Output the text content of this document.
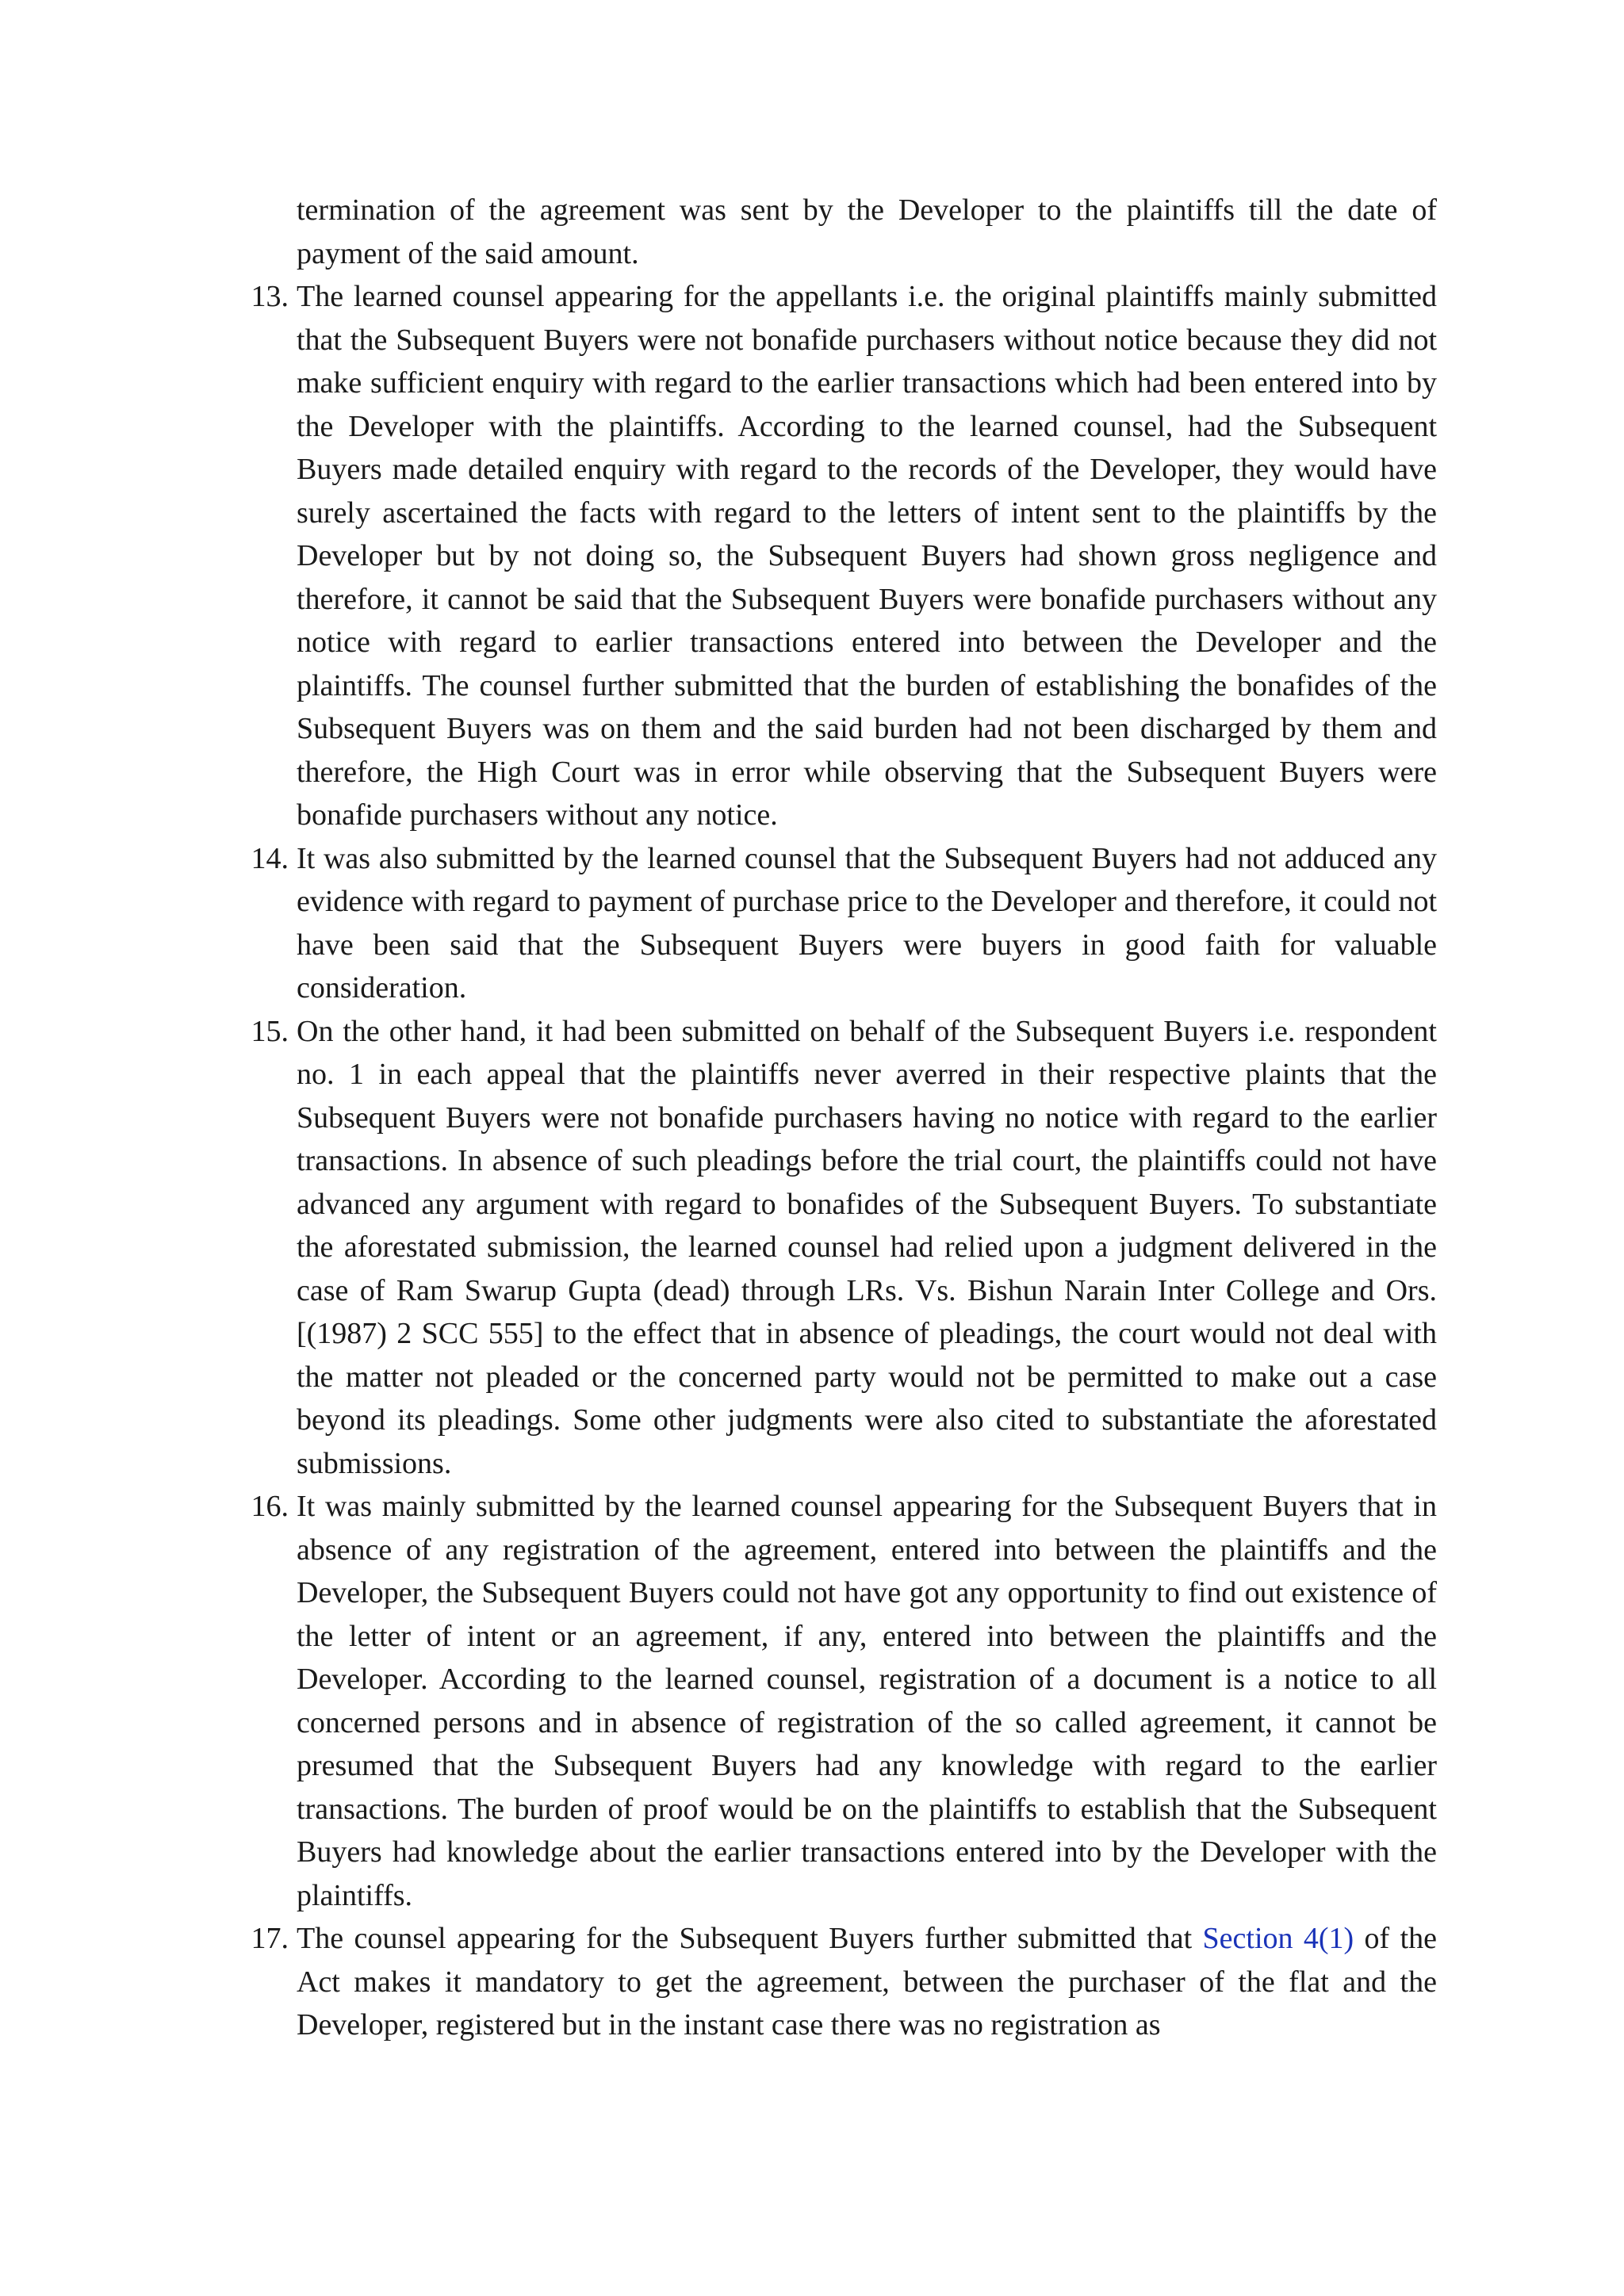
termination of the agreement was sent by the Developer to the plaintiffs till the date of payment of the said amount.

13. The learned counsel appearing for the appellants i.e. the original plaintiffs mainly submitted that the Subsequent Buyers were not bonafide purchasers without notice because they did not make sufficient enquiry with regard to the earlier transactions which had been entered into by the Developer with the plaintiffs. According to the learned counsel, had the Subsequent Buyers made detailed enquiry with regard to the records of the Developer, they would have surely ascertained the facts with regard to the letters of intent sent to the plaintiffs by the Developer but by not doing so, the Subsequent Buyers had shown gross negligence and therefore, it cannot be said that the Subsequent Buyers were bonafide purchasers without any notice with regard to earlier transactions entered into between the Developer and the plaintiffs. The counsel further submitted that the burden of establishing the bonafides of the Subsequent Buyers was on them and the said burden had not been discharged by them and therefore, the High Court was in error while observing that the Subsequent Buyers were bonafide purchasers without any notice.

14. It was also submitted by the learned counsel that the Subsequent Buyers had not adduced any evidence with regard to payment of purchase price to the Developer and therefore, it could not have been said that the Subsequent Buyers were buyers in good faith for valuable consideration.

15. On the other hand, it had been submitted on behalf of the Subsequent Buyers i.e. respondent no. 1 in each appeal that the plaintiffs never averred in their respective plaints that the Subsequent Buyers were not bonafide purchasers having no notice with regard to the earlier transactions. In absence of such pleadings before the trial court, the plaintiffs could not have advanced any argument with regard to bonafides of the Subsequent Buyers. To substantiate the aforestated submission, the learned counsel had relied upon a judgment delivered in the case of Ram Swarup Gupta (dead) through LRs. Vs. Bishun Narain Inter College and Ors. [(1987) 2 SCC 555] to the effect that in absence of pleadings, the court would not deal with the matter not pleaded or the concerned party would not be permitted to make out a case beyond its pleadings. Some other judgments were also cited to substantiate the aforestated submissions.

16. It was mainly submitted by the learned counsel appearing for the Subsequent Buyers that in absence of any registration of the agreement, entered into between the plaintiffs and the Developer, the Subsequent Buyers could not have got any opportunity to find out existence of the letter of intent or an agreement, if any, entered into between the plaintiffs and the Developer. According to the learned counsel, registration of a document is a notice to all concerned persons and in absence of registration of the so called agreement, it cannot be presumed that the Subsequent Buyers had any knowledge with regard to the earlier transactions. The burden of proof would be on the plaintiffs to establish that the Subsequent Buyers had knowledge about the earlier transactions entered into by the Developer with the plaintiffs.

17. The counsel appearing for the Subsequent Buyers further submitted that Section 4(1) of the Act makes it mandatory to get the agreement, between the purchaser of the flat and the Developer, registered but in the instant case there was no registration as
